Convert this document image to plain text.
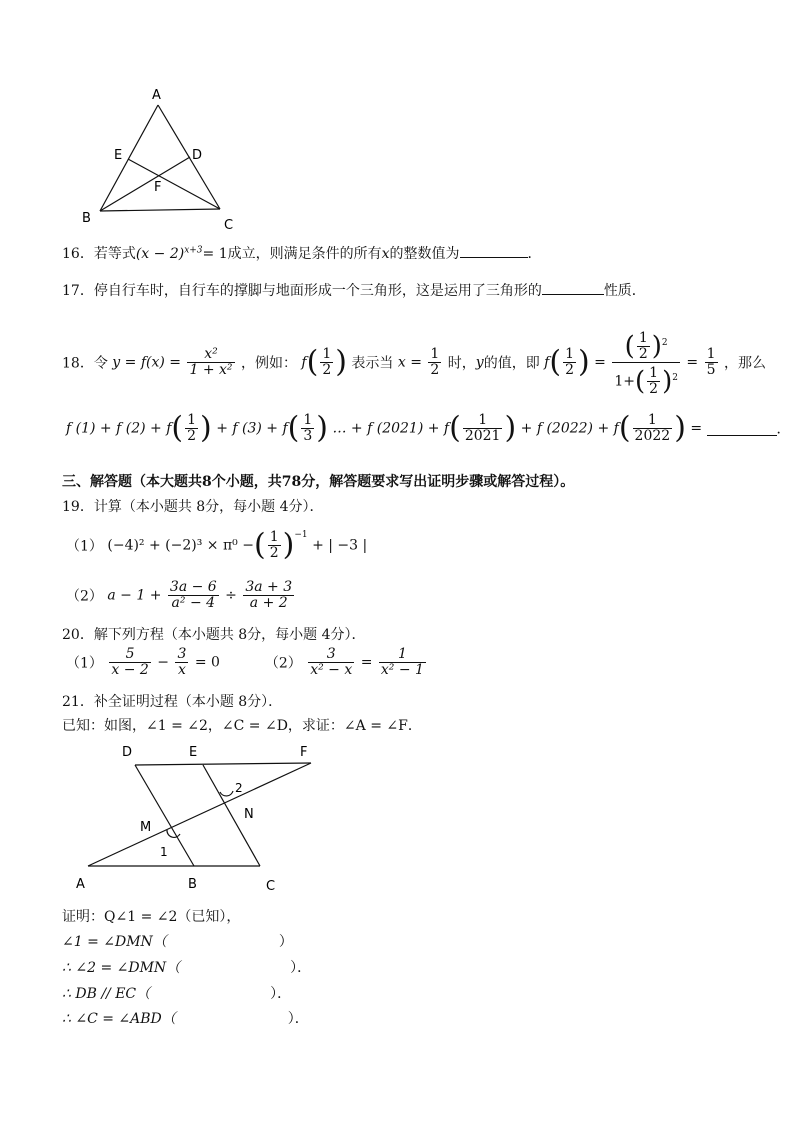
A
E	D
F
B	C
16．若等式$(x - 2)^{x+3}= 1$成立，则满足条件的所有x的整数值为	．
17．停自行车时，自行车的撑脚与地面形成一个三角形，这是运用了三角形的	性质．
18．令 $y = f(x) = \frac{\text{x²}}{\text{1 + x²}}$ ，例如： $f( \frac{1}{2}$ ) 表示当 $x = \frac{1}{2}$ 时，y的值，即 $f( \frac{1}{2}$ ) = $\frac{( \frac{1}{2} )^2}{1+( \frac{1}{2} )^2} = \frac{1}{5}$ ，那么
f (1) + f $(2) + f( \frac{1}{2}$ ) + f $(3) + f( \frac{1}{3}$ ) … + f $(2021) + f( \frac{1}{2021}$ ) + f $(2022) + f( \frac{1}{2022}$ ) =	．
三、解答题（本大题共8个小题，共78分，解答题要求写出证明步骤或解答过程）。
19．计算（本小题共 8分，每小题 4分）．
（1） (−4)² + (−2)³ × π⁰ −( $\frac{1}{2} )^{-1}$ + | −3 |
（2） $a - 1 + \frac{3a - 6}{\text{a² − 4}} \div \frac{3a + 3}{a + 2}$
20．解下列方程（本小题共 8分，每小题 4分）．
$(1) \frac{5}{x - 2} - \frac{3}{x} = 0$	$(2) \frac{3}{\text{x² − x}} = \frac{1}{\text{x² − 1}}$
21．补全证明过程（本小题 8分）．
已知：如图，∠1 = ∠2，∠C = ∠D，求证：∠A = ∠F．
D	E	F
2
N
M
1
A	B	C
证明：Q∠1 = ∠2（已知），
∠1 = ∠DMN（	）
∴ ∠2 = ∠DMN（	）．
∴ DB // EC（	）．
∴ ∠C = ∠ABD（	）．
